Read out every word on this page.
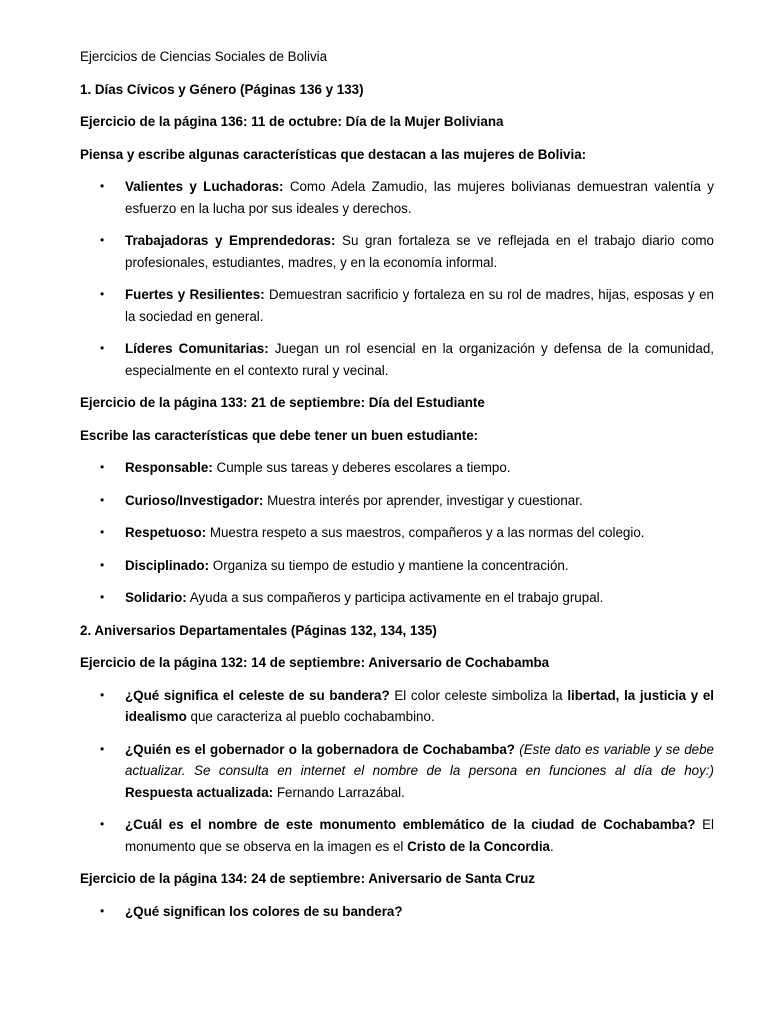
Ejercicios de Ciencias Sociales de Bolivia

1. Días Cívicos y Género (Páginas 136 y 133)

Ejercicio de la página 136: 11 de octubre: Día de la Mujer Boliviana

Piensa y escribe algunas características que destacan a las mujeres de Bolivia:

• Valientes y Luchadoras: Como Adela Zamudio, las mujeres bolivianas demuestran valentía y esfuerzo en la lucha por sus ideales y derechos.
• Trabajadoras y Emprendedoras: Su gran fortaleza se ve reflejada en el trabajo diario como profesionales, estudiantes, madres, y en la economía informal.
• Fuertes y Resilientes: Demuestran sacrificio y fortaleza en su rol de madres, hijas, esposas y en la sociedad en general.
• Líderes Comunitarias: Juegan un rol esencial en la organización y defensa de la comunidad, especialmente en el contexto rural y vecinal.

Ejercicio de la página 133: 21 de septiembre: Día del Estudiante

Escribe las características que debe tener un buen estudiante:

• Responsable: Cumple sus tareas y deberes escolares a tiempo.
• Curioso/Investigador: Muestra interés por aprender, investigar y cuestionar.
• Respetuoso: Muestra respeto a sus maestros, compañeros y a las normas del colegio.
• Disciplinado: Organiza su tiempo de estudio y mantiene la concentración.
• Solidario: Ayuda a sus compañeros y participa activamente en el trabajo grupal.

2. Aniversarios Departamentales (Páginas 132, 134, 135)

Ejercicio de la página 132: 14 de septiembre: Aniversario de Cochabamba

• ¿Qué significa el celeste de su bandera? El color celeste simboliza la libertad, la justicia y el idealismo que caracteriza al pueblo cochabambino.
• ¿Quién es el gobernador o la gobernadora de Cochabamba? (Este dato es variable y se debe actualizar. Se consulta en internet el nombre de la persona en funciones al día de hoy:) Respuesta actualizada: Fernando Larrazábal.
• ¿Cuál es el nombre de este monumento emblemático de la ciudad de Cochabamba? El monumento que se observa en la imagen es el Cristo de la Concordia.

Ejercicio de la página 134: 24 de septiembre: Aniversario de Santa Cruz

• ¿Qué significan los colores de su bandera?
